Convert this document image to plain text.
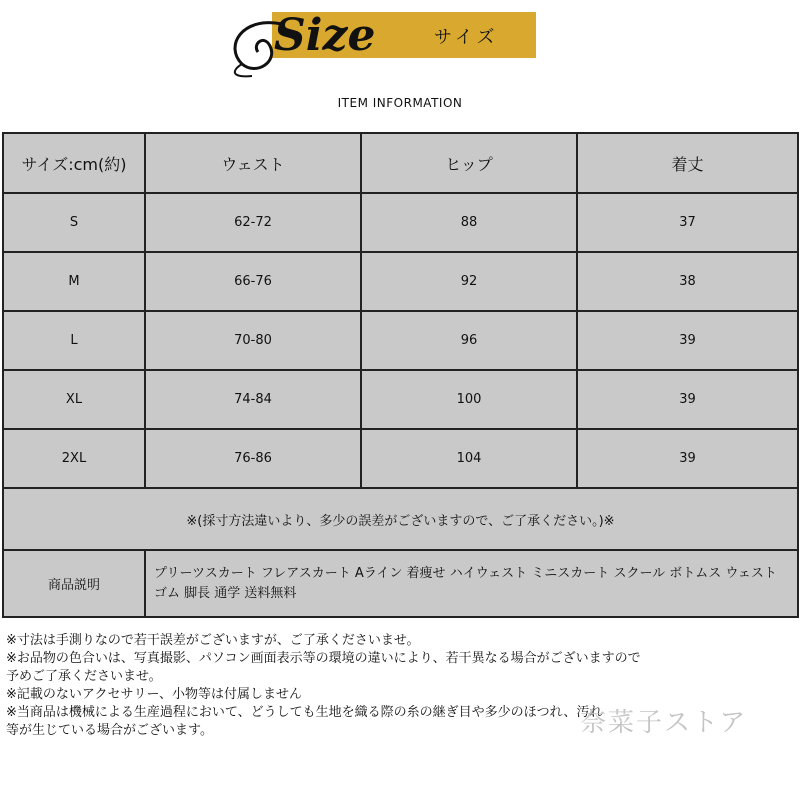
Size	サイズ
ITEM INFORMATION
サイズ:cm(約)	ウェスト	ヒップ	着丈
S	62-72	88	37
M	66-76	92	38
L	70-80	96	39
XL	74-84	100	39
2XL	76-86	104	39
※(採寸方法違いより、多少の誤差がございますので、ご了承ください。)※			
商品説明	プリーツスカート フレアスカート Aライン 着痩せ ハイウェスト ミニスカート スクール ボトムス ウェストゴム 脚長 通学 送料無料		
※寸法は手測りなので若干誤差がございますが、ご了承くださいませ。
※お品物の色合いは、写真撮影、パソコン画面表示等の環境の違いにより、若干異なる場合がございますので
予めご了承くださいませ。
※記載のないアクセサリー、小物等は付属しません
※当商品は機械による生産過程において、どうしても生地を織る際の糸の継ぎ目や多少のほつれ、汚れ
等が生じている場合がございます。	奈菜子ストア
